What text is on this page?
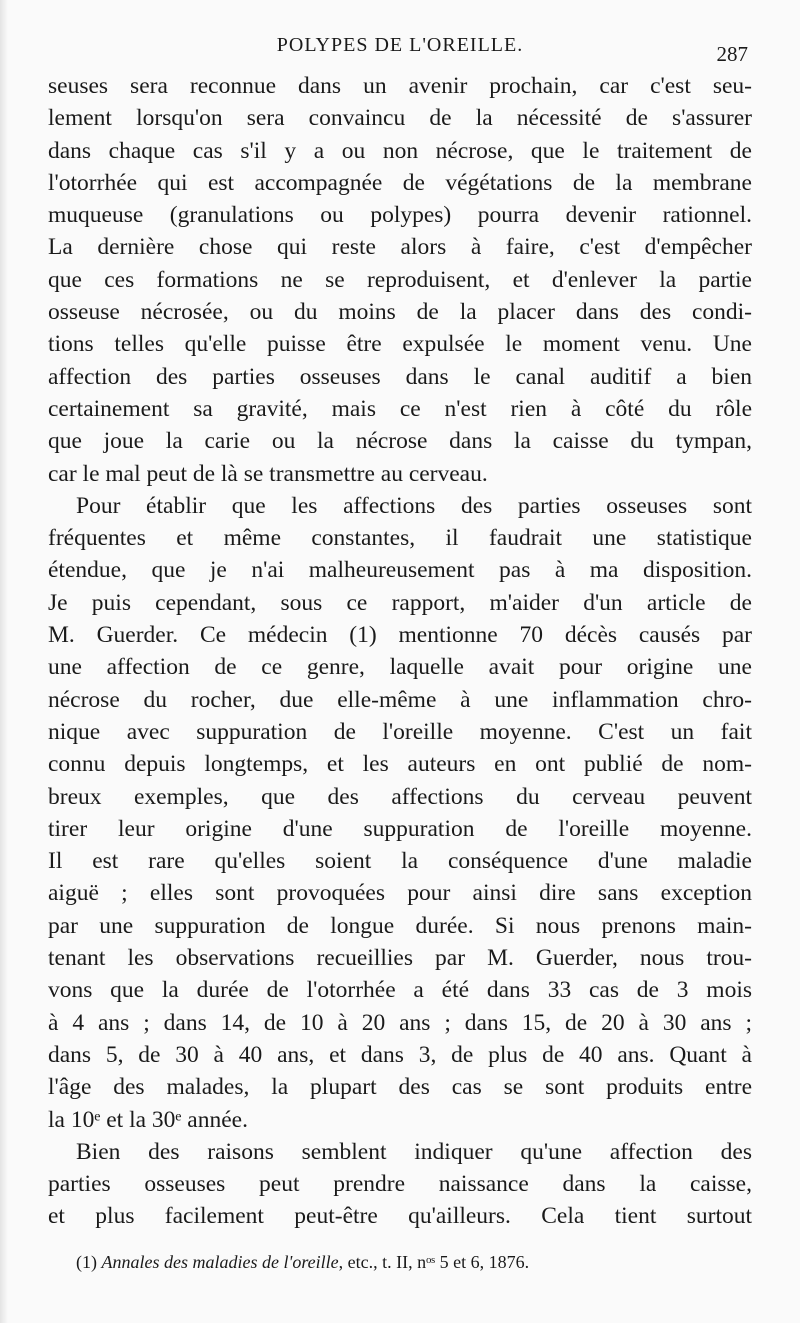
POLYPES DE L'OREILLE.	287

seuses sera reconnue dans un avenir prochain, car c'est seu-
lement lorsqu'on sera convaincu de la nécessité de s'assurer
dans chaque cas s'il y a ou non nécrose, que le traitement de
l'otorrhée qui est accompagnée de végétations de la membrane
muqueuse (granulations ou polypes) pourra devenir rationnel.
La dernière chose qui reste alors à faire, c'est d'empêcher
que ces formations ne se reproduisent, et d'enlever la partie
osseuse nécrosée, ou du moins de la placer dans des condi-
tions telles qu'elle puisse être expulsée le moment venu. Une
affection des parties osseuses dans le canal auditif a bien
certainement sa gravité, mais ce n'est rien à côté du rôle
que joue la carie ou la nécrose dans la caisse du tympan,
car le mal peut de là se transmettre au cerveau.

Pour établir que les affections des parties osseuses sont
fréquentes et même constantes, il faudrait une statistique
étendue, que je n'ai malheureusement pas à ma disposition.
Je puis cependant, sous ce rapport, m'aider d'un article de
M. Guerder. Ce médecin (1) mentionne 70 décès causés par
une affection de ce genre, laquelle avait pour origine une
nécrose du rocher, due elle-même à une inflammation chro-
nique avec suppuration de l'oreille moyenne. C'est un fait
connu depuis longtemps, et les auteurs en ont publié de nom-
breux exemples, que des affections du cerveau peuvent
tirer leur origine d'une suppuration de l'oreille moyenne.
Il est rare qu'elles soient la conséquence d'une maladie
aiguë ; elles sont provoquées pour ainsi dire sans exception
par une suppuration de longue durée. Si nous prenons main-
tenant les observations recueillies par M. Guerder, nous trou-
vons que la durée de l'otorrhée a été dans 33 cas de 3 mois
à 4 ans ; dans 14, de 10 à 20 ans ; dans 15, de 20 à 30 ans ;
dans 5, de 30 à 40 ans, et dans 3, de plus de 40 ans. Quant à
l'âge des malades, la plupart des cas se sont produits entre
la 10ᵉ et la 30ᵉ année.

Bien des raisons semblent indiquer qu'une affection des
parties osseuses peut prendre naissance dans la caisse,
et plus facilement peut-être qu'ailleurs. Cela tient surtout

(1) Annales des maladies de l'oreille, etc., t. II, nᵒˢ 5 et 6, 1876.
